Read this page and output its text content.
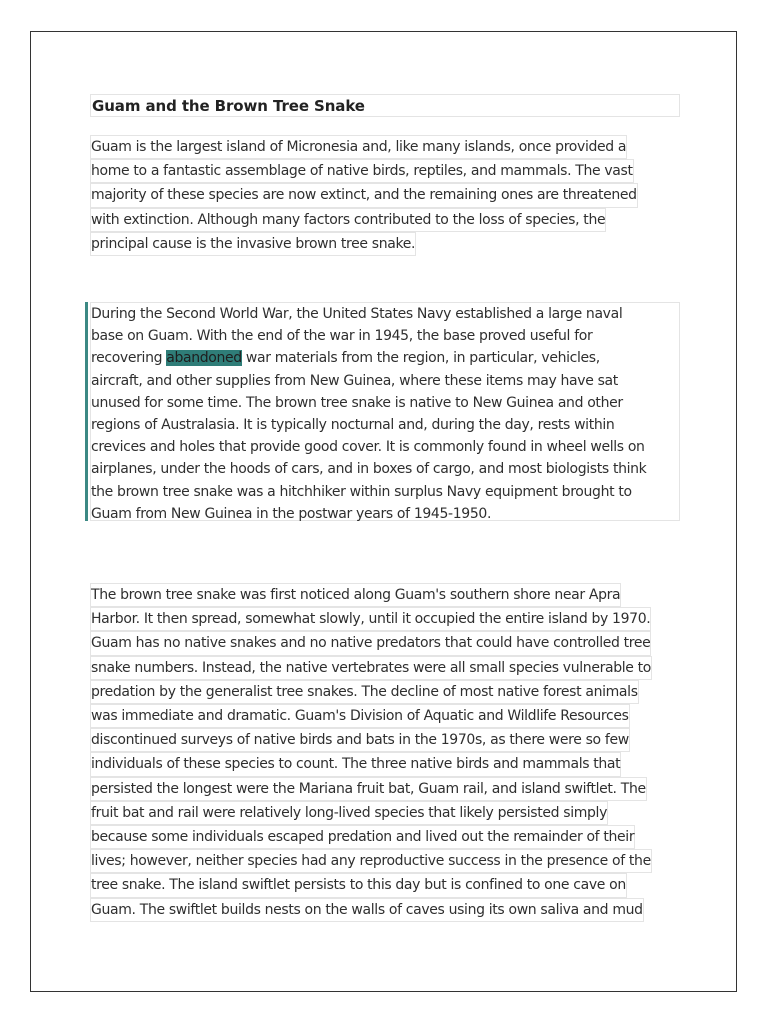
Guam and the Brown Tree Snake
Guam is the largest island of Micronesia and, like many islands, once provided a home to a fantastic assemblage of native birds, reptiles, and mammals. The vast majority of these species are now extinct, and the remaining ones are threatened with extinction. Although many factors contributed to the loss of species, the principal cause is the invasive brown tree snake.
During the Second World War, the United States Navy established a large naval
base on Guam. With the end of the war in 1945, the base proved useful for
recovering abandoned war materials from the region, in particular, vehicles,
aircraft, and other supplies from New Guinea, where these items may have sat
unused for some time. The brown tree snake is native to New Guinea and other
regions of Australasia. It is typically nocturnal and, during the day, rests within
crevices and holes that provide good cover. It is commonly found in wheel wells on
airplanes, under the hoods of cars, and in boxes of cargo, and most biologists think
the brown tree snake was a hitchhiker within surplus Navy equipment brought to
Guam from New Guinea in the postwar years of 1945-1950.
The brown tree snake was first noticed along Guam's southern shore near Apra Harbor. It then spread, somewhat slowly, until it occupied the entire island by 1970. Guam has no native snakes and no native predators that could have controlled tree snake numbers. Instead, the native vertebrates were all small species vulnerable to predation by the generalist tree snakes. The decline of most native forest animals was immediate and dramatic. Guam's Division of Aquatic and Wildlife Resources discontinued surveys of native birds and bats in the 1970s, as there were so few individuals of these species to count. The three native birds and mammals that persisted the longest were the Mariana fruit bat, Guam rail, and island swiftlet. The fruit bat and rail were relatively long-lived species that likely persisted simply because some individuals escaped predation and lived out the remainder of their lives; however, neither species had any reproductive success in the presence of the tree snake. The island swiftlet persists to this day but is confined to one cave on Guam. The swiftlet builds nests on the walls of caves using its own saliva and mud
